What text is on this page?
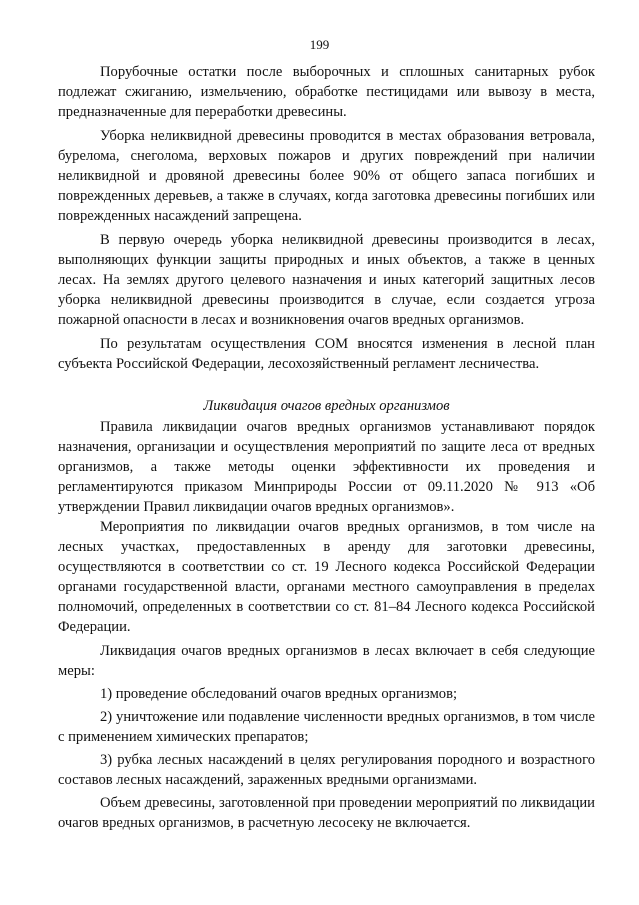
199

Порубочные остатки после выборочных и сплошных санитарных рубок подлежат сжиганию, измельчению, обработке пестицидами или вывозу в места, предназначенные для переработки древесины.

Уборка неликвидной древесины проводится в местах образования ветровала, бурелома, снеголома, верховых пожаров и других повреждений при наличии неликвидной и дровяной древесины более 90% от общего запаса погибших и поврежденных деревьев, а также в случаях, когда заготовка древесины погибших или поврежденных насаждений запрещена.

В первую очередь уборка неликвидной древесины производится в лесах, выполняющих функции защиты природных и иных объектов, а также в ценных лесах. На землях другого целевого назначения и иных категорий защитных лесов уборка неликвидной древесины производится в случае, если создается угроза пожарной опасности в лесах и возникновения очагов вредных организмов.

По результатам осуществления СОМ вносятся изменения в лесной план субъекта Российской Федерации, лесохозяйственный регламент лесничества.

Ликвидация очагов вредных организмов

Правила ликвидации очагов вредных организмов устанавливают порядок назначения, организации и осуществления мероприятий по защите леса от вредных организмов, а также методы оценки эффективности их проведения и регламентируются приказом Минприроды России от 09.11.2020 № 913 «Об утверждении Правил ликвидации очагов вредных организмов».

Мероприятия по ликвидации очагов вредных организмов, в том числе на лесных участках, предоставленных в аренду для заготовки древесины, осуществляются в соответствии со ст. 19 Лесного кодекса Российской Федерации органами государственной власти, органами местного самоуправления в пределах полномочий, определенных в соответствии со ст. 81–84 Лесного кодекса Российской Федерации.

Ликвидация очагов вредных организмов в лесах включает в себя следующие меры:

1) проведение обследований очагов вредных организмов;

2) уничтожение или подавление численности вредных организмов, в том числе с применением химических препаратов;

3) рубка лесных насаждений в целях регулирования породного и возрастного составов лесных насаждений, зараженных вредными организмами.

Объем древесины, заготовленной при проведении мероприятий по ликвидации очагов вредных организмов, в расчетную лесосеку не включается.
